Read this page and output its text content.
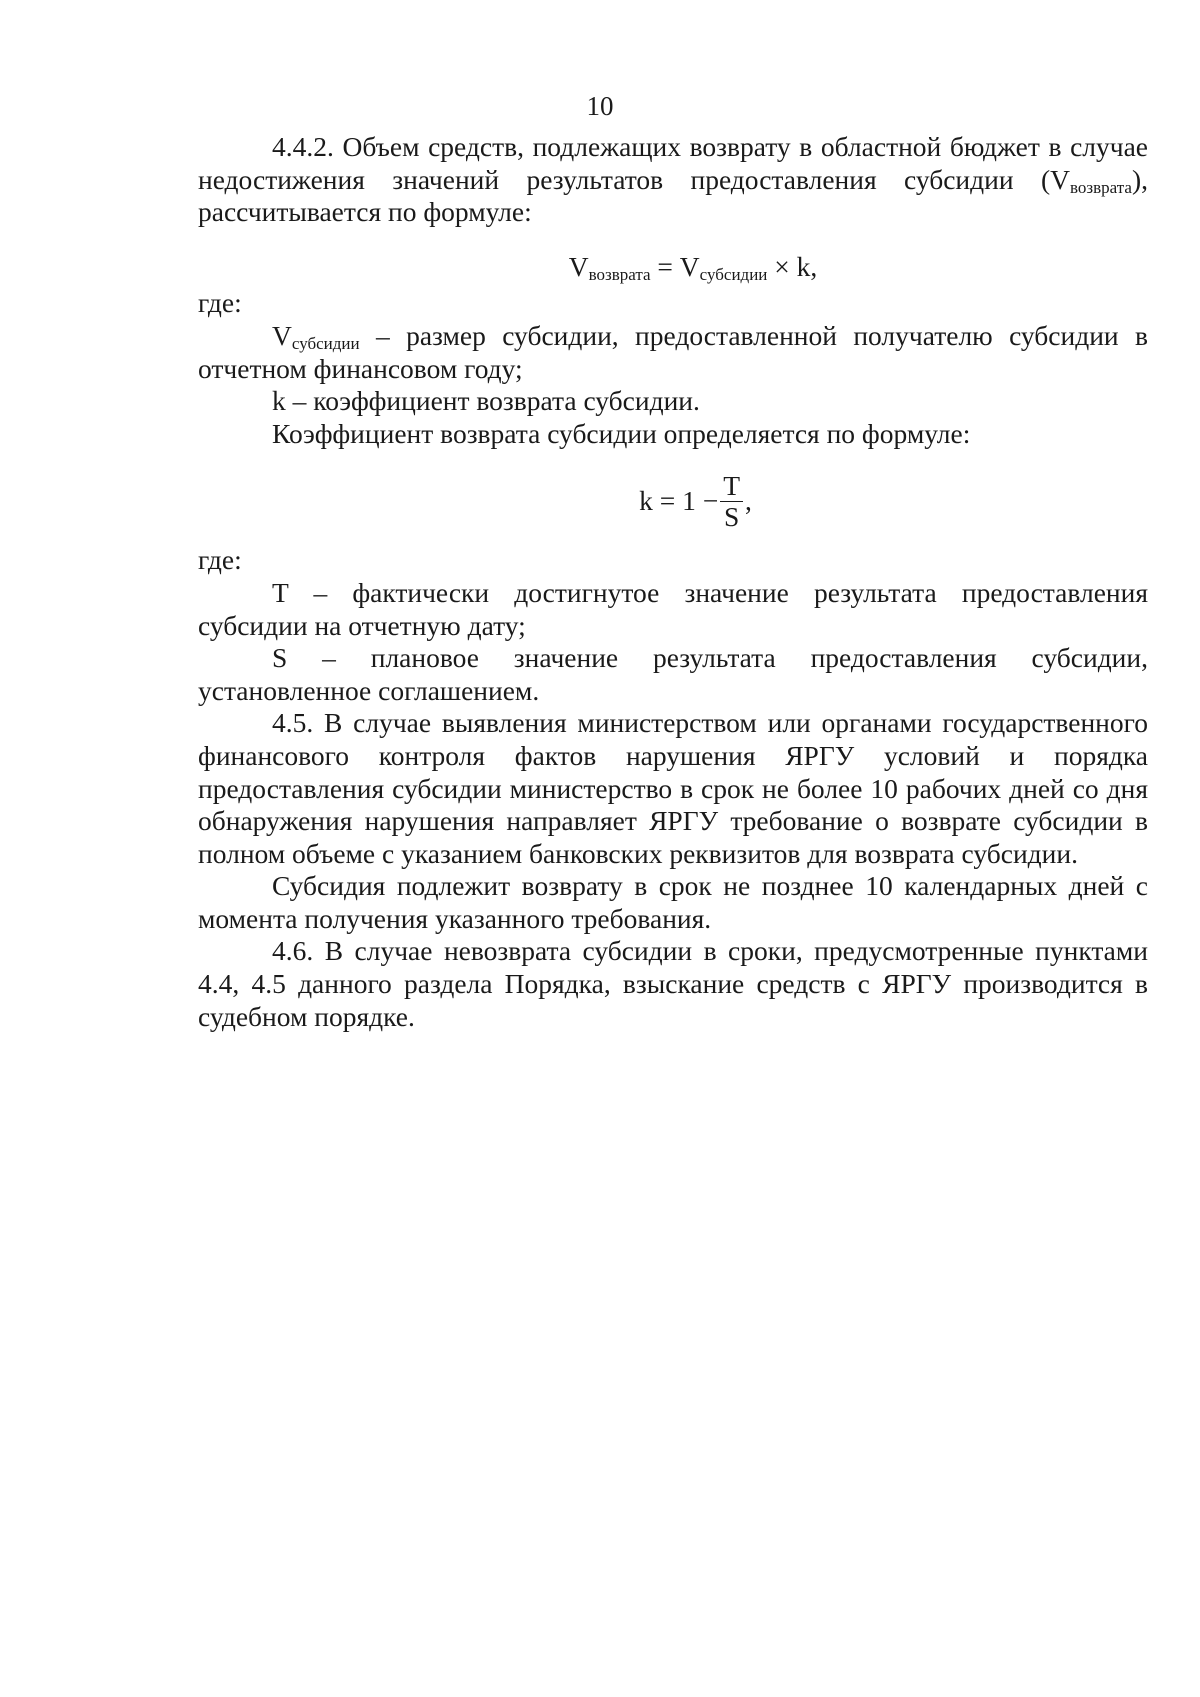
10

4.4.2. Объем средств, подлежащих возврату в областной бюджет в случае недостижения значений результатов предоставления субсидии $(V_{возврата})$, рассчитывается по формуле:

$V_{возврата} = V_{субсидии} \times k$,

где:

$V_{субсидии}$ – размер субсидии, предоставленной получателю субсидии в отчетном финансовом году;

k – коэффициент возврата субсидии.

Коэффициент возврата субсидии определяется по формуле:

$k = 1 - \frac{T}{S}$ ,

где:

T – фактически достигнутое значение результата предоставления субсидии на отчетную дату;

S – плановое значение результата предоставления субсидии,

установленное соглашением.

4.5. В случае выявления министерством или органами государственного финансового контроля фактов нарушения ЯРГУ условий и порядка предоставления субсидии министерство в срок не более 10 рабочих дней со дня обнаружения нарушения направляет ЯРГУ требование о возврате субсидии в полном объеме с указанием банковских реквизитов для возврата субсидии.

Субсидия подлежит возврату в срок не позднее 10 календарных дней с момента получения указанного требования.

4.6. В случае невозврата субсидии в сроки, предусмотренные пунктами 4.4, 4.5 данного раздела Порядка, взыскание средств с ЯРГУ производится в судебном порядке.
